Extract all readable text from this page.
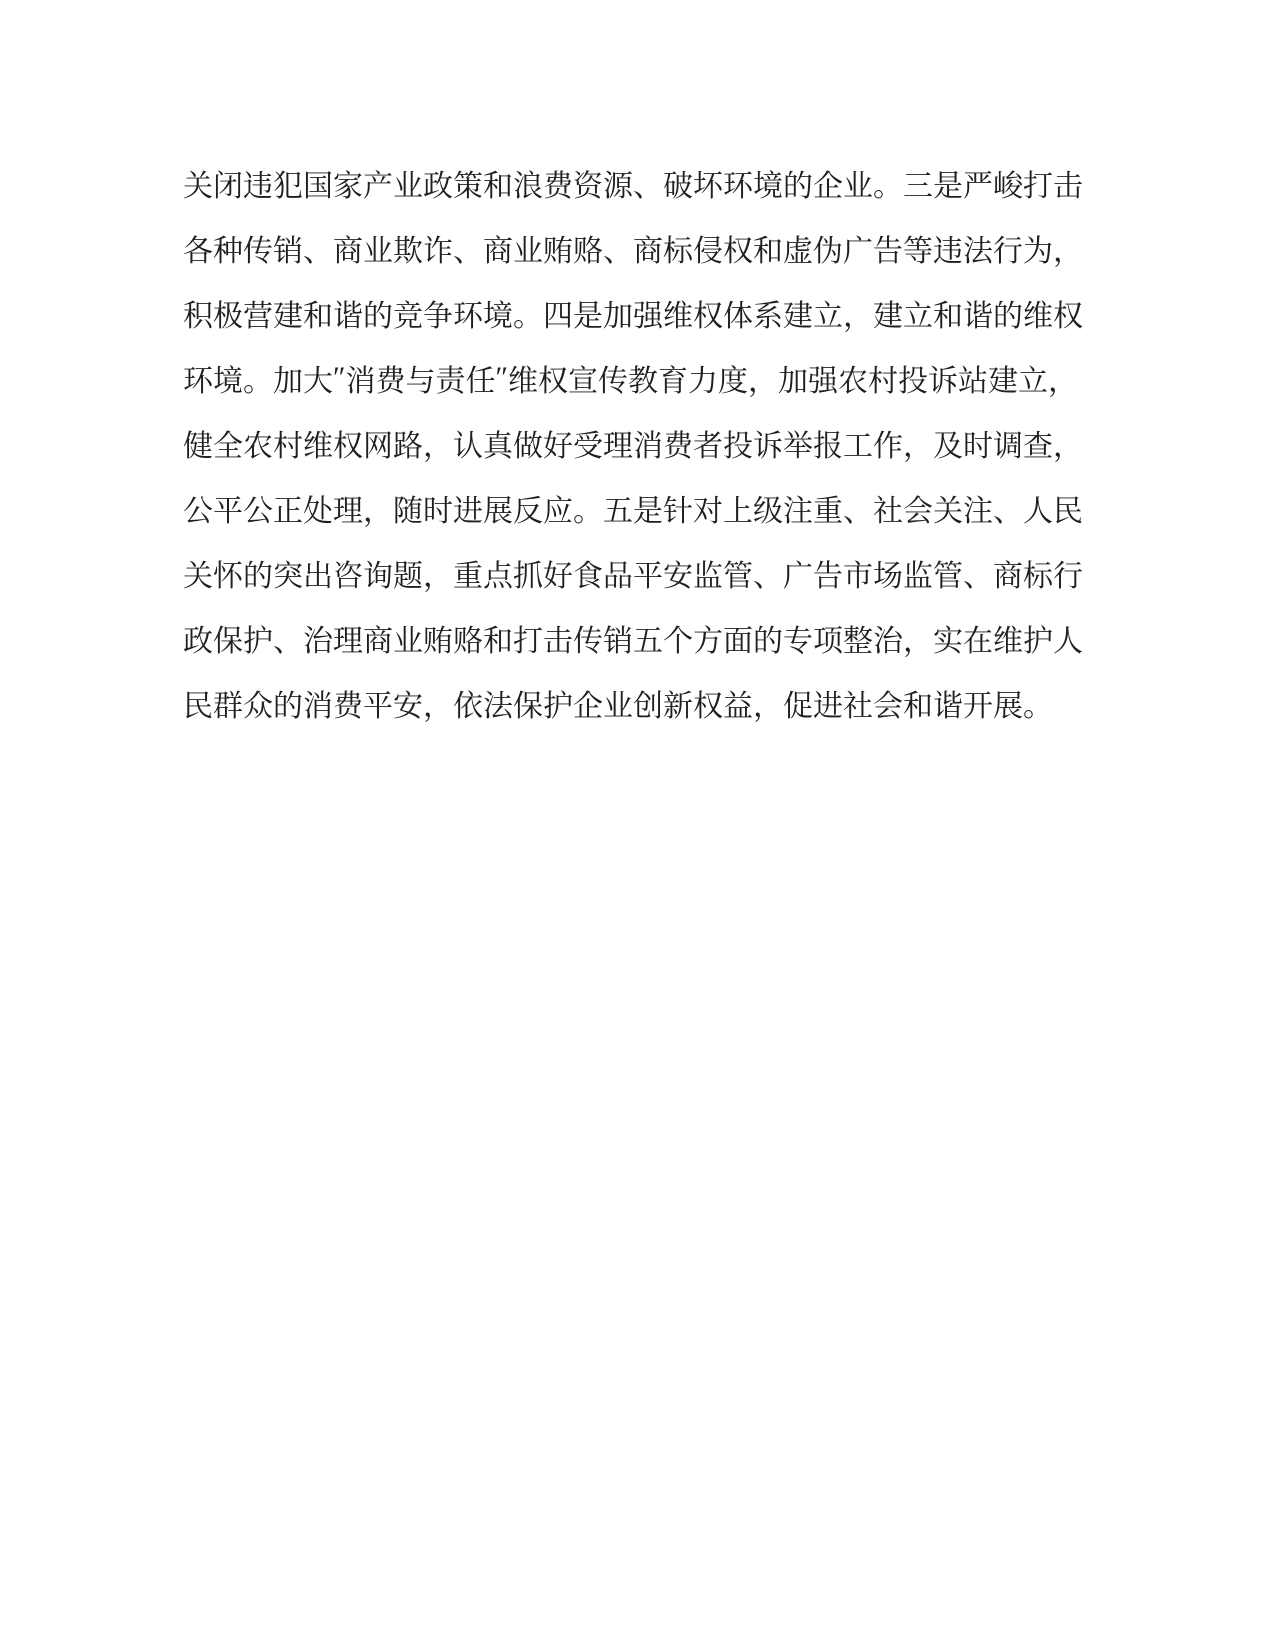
关 闭 违 犯 国 家 产 业 政 策 和 浪 费 资 源 、 破 坏 环 境 的 企 业 。 三 是 严 峻 打 击
各 种 传 销 、 商 业 欺 诈 、 商 业 贿 赂 、 商 标 侵 权 和 虚 伪 广 告 等 违 法 行 为 ，
积 极 营 建 和 谐 的 竞 争 环 境 。 四 是 加 强 维 权 体 系 建 立 ， 建 立 和 谐 的 维 权
环 境 。 加 大 ″ 消 费 与 责 任 ″ 维 权 宣 传 教 育 力 度 ， 加 强 农 村 投 诉 站 建 立 ，
健 全 农 村 维 权 网 路 ， 认 真 做 好 受 理 消 费 者 投 诉 举 报 工 作 ， 及 时 调 查 ，
公 平 公 正 处 理 ， 随 时 进 展 反 应 。 五 是 针 对 上 级 注 重 、 社 会 关 注 、 人 民
关 怀 的 突 出 咨 询 题 ， 重 点 抓 好 食 品 平 安 监 管 、 广 告 市 场 监 管 、 商 标 行
政 保 护 、 治 理 商 业 贿 赂 和 打 击 传 销 五 个 方 面 的 专 项 整 治 ， 实 在 维 护 人
民 群 众 的 消 费 平 安 ， 依 法 保 护 企 业 创 新 权 益 ， 促 进 社 会 和 谐 开 展 。
